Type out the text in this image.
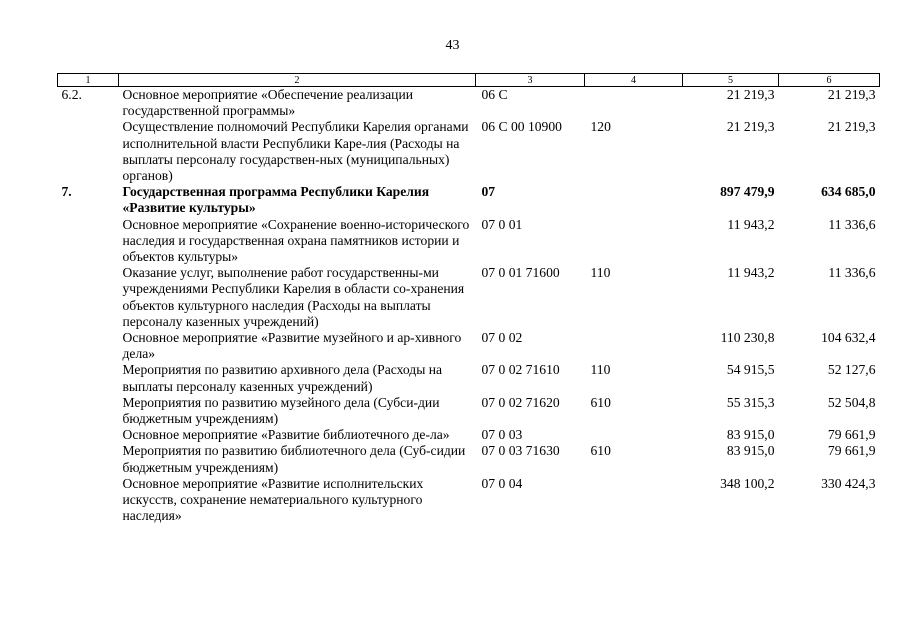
43
1	2	3	4	5	6
6.2.	Основное мероприятие «Обеспечение реализации государственной программы»	06 С		21 219,3	21 219,3
	Осуществление полномочий Республики Карелия органами исполнительной власти Республики Каре-лия (Расходы на выплаты персоналу государствен-ных (муниципальных) органов)	06 С 00 10900	120	21 219,3	21 219,3
7.	Государственная программа Республики Карелия «Развитие культуры»	07		897 479,9	634 685,0
	Основное мероприятие «Сохранение военно-исторического наследия и государственная охрана памятников истории и объектов культуры»	07 0 01		11 943,2	11 336,6
	Оказание услуг, выполнение работ государственны-ми учреждениями Республики Карелия в области со-хранения объектов культурного наследия (Расходы на выплаты персоналу казенных учреждений)	07 0 01 71600	110	11 943,2	11 336,6
	Основное мероприятие «Развитие музейного и ар-хивного дела»	07 0 02		110 230,8	104 632,4
	Мероприятия по развитию архивного дела (Расходы на выплаты персоналу казенных учреждений)	07 0 02 71610	110	54 915,5	52 127,6
	Мероприятия по развитию музейного дела (Субси-дии бюджетным учреждениям)	07 0 02 71620	610	55 315,3	52 504,8
	Основное мероприятие «Развитие библиотечного де-ла»	07 0 03		83 915,0	79 661,9
	Мероприятия по развитию библиотечного дела (Суб-сидии бюджетным учреждениям)	07 0 03 71630	610	83 915,0	79 661,9
	Основное мероприятие «Развитие исполнительских искусств, сохранение нематериального культурного наследия»	07 0 04		348 100,2	330 424,3
